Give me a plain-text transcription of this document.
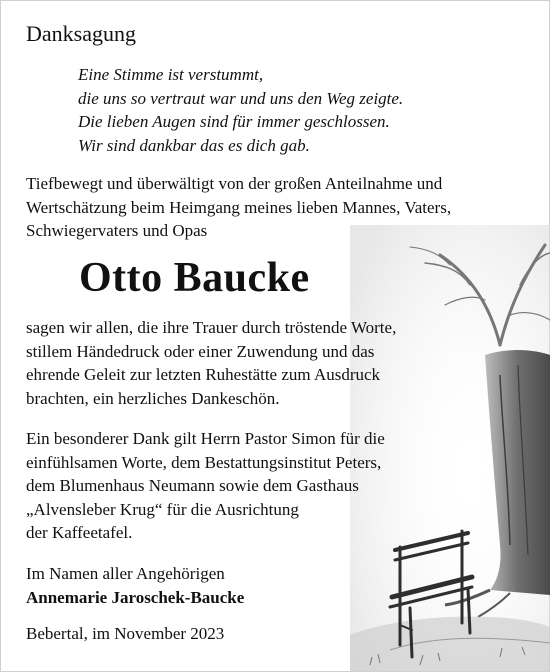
Danksagung
Eine Stimme ist verstummt,
die uns so vertraut war und uns den Weg zeigte.
Die lieben Augen sind für immer geschlossen.
Wir sind dankbar das es dich gab.
Tiefbewegt und überwältigt von der großen Anteilnahme und
Wertschätzung beim Heimgang meines lieben Mannes, Vaters,
Schwiegervaters und Opas
Otto Baucke
sagen wir allen, die ihre Trauer durch tröstende Worte,
stillem Händedruck oder einer Zuwendung und das
ehrende Geleit zur letzten Ruhestätte zum Ausdruck
brachten, ein herzliches Dankeschön.
Ein besonderer Dank gilt Herrn Pastor Simon für die
einfühlsamen Worte, dem Bestattungsinstitut Peters,
dem Blumenhaus Neumann sowie dem Gasthaus
„Alvensleber Krug“ für die Ausrichtung
der Kaffeetafel.
Im Namen aller Angehörigen
Annemarie Jaroschek-Baucke
Bebertal, im November 2023
